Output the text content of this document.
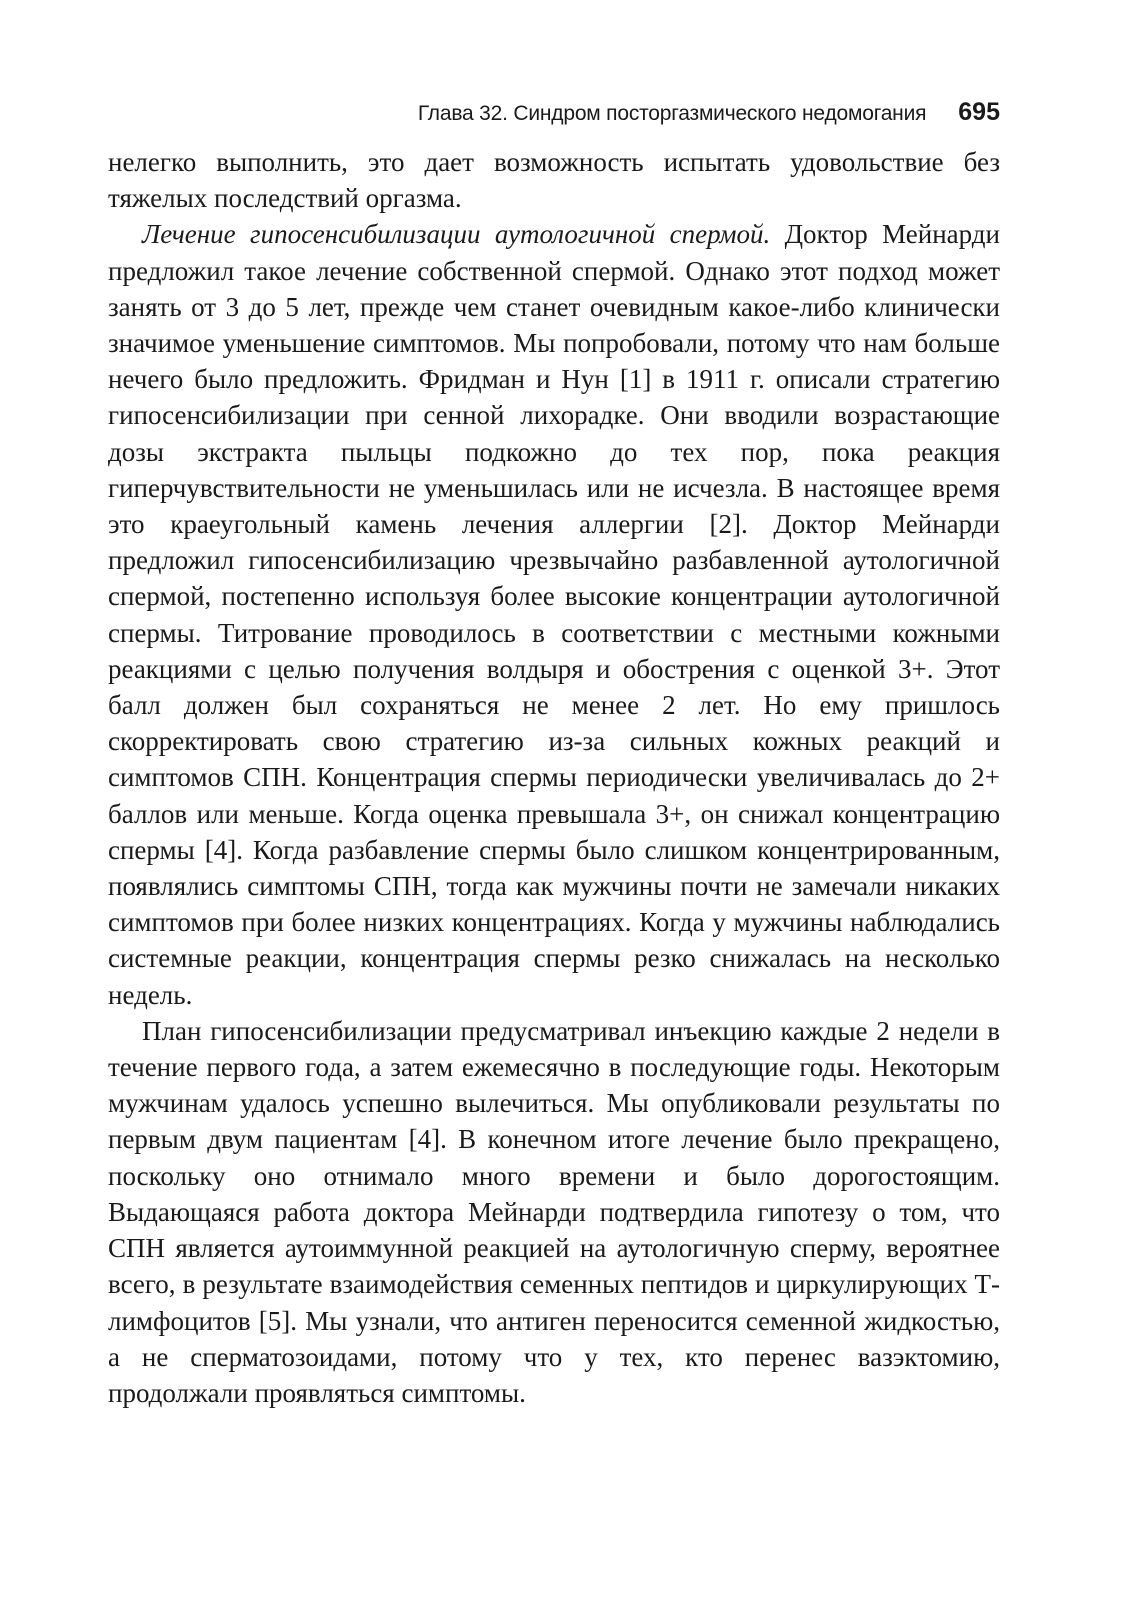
Глава 32. Синдром посторгазмического недомогания 695

нелегко выполнить, это дает возможность испытать удовольствие без тяжелых последствий оргазма.

Лечение гипосенсибилизации аутологичной спермой. Доктор Мейнарди предложил такое лечение собственной спермой. Однако этот подход может занять от 3 до 5 лет, прежде чем станет очевидным какое-либо клинически значимое уменьшение симптомов. Мы попробовали, потому что нам больше нечего было предложить. Фридман и Нун [1] в 1911 г. описали стратегию гипосенсибилизации при сенной лихорадке. Они вводили возрастающие дозы экстракта пыльцы подкожно до тех пор, пока реакция гиперчувствительности не уменьшилась или не исчезла. В настоящее время это краеугольный камень лечения аллергии [2]. Доктор Мейнарди предложил гипосенсибилизацию чрезвычайно разбавленной аутологичной спермой, постепенно используя более высокие концентрации аутологичной спермы. Титрование проводилось в соответствии с местными кожными реакциями с целью получения волдыря и обострения с оценкой 3+. Этот балл должен был сохраняться не менее 2 лет. Но ему пришлось скорректировать свою стратегию из-за сильных кожных реакций и симптомов СПН. Концентрация спермы периодически увеличивалась до 2+ баллов или меньше. Когда оценка превышала 3+, он снижал концентрацию спермы [4]. Когда разбавление спермы было слишком концентрированным, появлялись симптомы СПН, тогда как мужчины почти не замечали никаких симптомов при более низких концентрациях. Когда у мужчины наблюдались системные реакции, концентрация спермы резко снижалась на несколько недель.

План гипосенсибилизации предусматривал инъекцию каждые 2 недели в течение первого года, а затем ежемесячно в последующие годы. Некоторым мужчинам удалось успешно вылечиться. Мы опубликовали результаты по первым двум пациентам [4]. В конечном итоге лечение было прекращено, поскольку оно отнимало много времени и было дорогостоящим. Выдающаяся работа доктора Мейнарди подтвердила гипотезу о том, что СПН является аутоиммунной реакцией на аутологичную сперму, вероятнее всего, в результате взаимодействия семенных пептидов и циркулирующих Т-лимфоцитов [5]. Мы узнали, что антиген переносится семенной жидкостью, а не сперматозоидами, потому что у тех, кто перенес вазэктомию, продолжали проявляться симптомы.
